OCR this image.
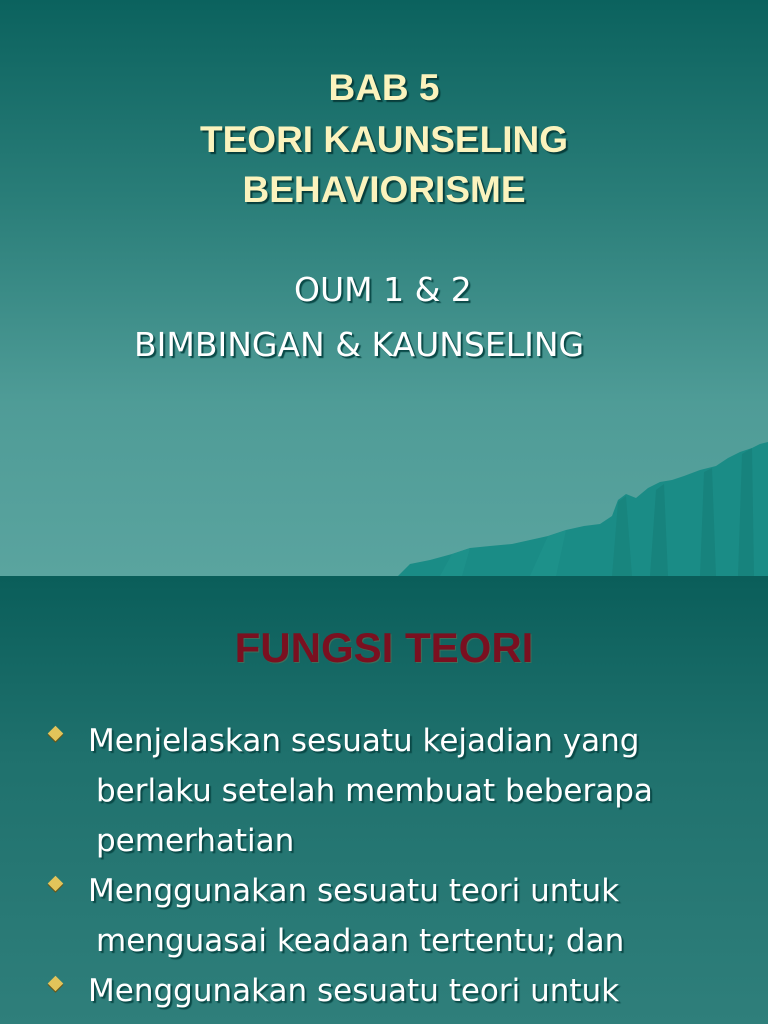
BAB 5
TEORI KAUNSELING
BEHAVIORISME

OUM 1 & 2

BIMBINGAN & KAUNSELING

FUNGSI TEORI
Menjelaskan sesuatu kejadian yang
berlaku setelah membuat beberapa
pemerhatian
Menggunakan sesuatu teori untuk
menguasai keadaan tertentu; dan
Menggunakan sesuatu teori untuk
